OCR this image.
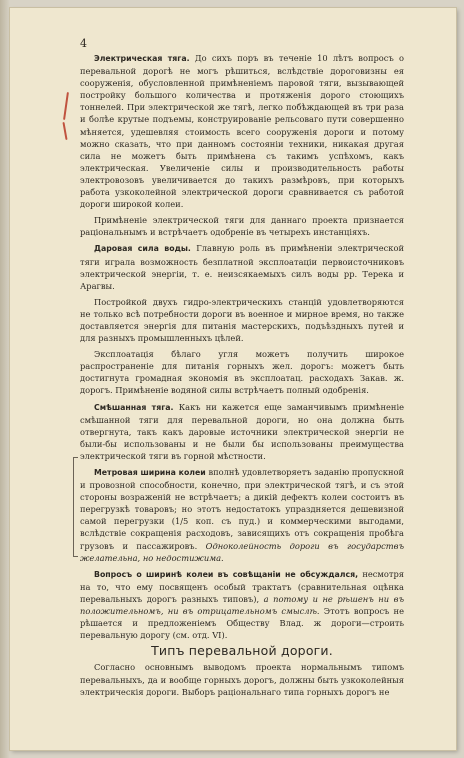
4

Электрическая тяга. До сихъ поръ въ теченіе 10 лѣтъ вопросъ о перевальной дорогѣ не могъ рѣшиться, вслѣдствіе дороговизны ея сооруженія, обусловленной примѣненіемъ паровой тяги, вызывающей постройку большого количества и протяженія дорого стоющихъ тоннелей. При электрической же тягѣ, легко побѣждающей въ три раза и болѣе крутые подъемы, конструированіе рельсоваго пути совершенно мѣняется, удешевляя стоимость всего сооруженія дороги и потому можно сказать, что при данномъ состояніи техники, никакая другая сила не можетъ быть примѣнена съ такимъ успѣхомъ, какъ электрическая. Увеличеніе силы и производительность работы электровозовъ увеличивается до такихъ размѣровъ, при которыхъ работа узкоколейной электрической дороги сравнивается съ работой дороги широкой колеи.

Примѣненіе электрической тяги для даннаго проекта признается раціональнымъ и встрѣчаетъ одобреніе въ четырехъ инстанціяхъ.

Даровая сила воды. Главную роль въ примѣненіи электрической тяги играла возможность безплатной эксплоатаціи первоисточниковъ электрической энергіи, т. е. неизсякаемыхъ силъ воды рр. Терека и Арагвы.

Постройкой двухъ гидро-электрическихъ станцій удовлетворяются не только всѣ потребности дороги въ военное и мирное время, но также доставляется энергія для питанія мастерскихъ, подъѣздныхъ путей и для разныхъ промышленныхъ цѣлей.

Эксплоатація бѣлаго угля можетъ получить широкое распространеніе для питанія горныхъ жел. дорогъ: можетъ быть достигнута громадная экономія въ эксплоатац. расходахъ Закав. ж. дорогъ. Примѣненіе водяной силы встрѣчаетъ полный одобренія.

Смѣшанная тяга. Какъ ни кажется еще заманчивымъ примѣненіе смѣшанной тяги для перевальной дороги, но она должна быть отвергнута, такъ какъ даровые источники электрической энергіи не были-бы использованы и не были бы использованы преимущества электрической тяги въ горной мѣстности.

Метровая ширина колеи вполнѣ удовлетворяетъ заданію пропускной и провозной способности, конечно, при электрической тягѣ, и съ этой стороны возраженій не встрѣчаетъ; а дикій дефектъ колеи состоитъ въ перегрузкѣ товаровъ; но этотъ недостатокъ упраздняется дешевизной самой перегрузки (1/5 коп. съ пуд.) и коммерческими выгодами, вслѣдствіе сокращенія расходовъ, зависящихъ отъ сокращенія пробѣга грузовъ и пассажировъ. Одноколейность дороги въ государствъ желательна, но недостижима.

Вопросъ о ширинѣ колеи въ совѣщаніи не обсуждался, несмотря на то, что ему посвященъ особый трактатъ (сравнительная оцѣнка перевальныхъ дорогъ разныхъ типовъ), а потому и не рѣшенъ ни въ положительномъ, ни въ отрицательномъ смыслѣ. Этотъ вопросъ не рѣшается и предложеніемъ Обществу Влад. ж дороги—строить перевальную дорогу (см. отд. VI).

Типъ перевальной дороги.

Согласно основнымъ выводомъ проекта нормальнымъ типомъ перевальныхъ, да и вообще горныхъ дорогъ, должны быть узкоколейныя электрическія дороги. Выборъ раціональнаго типа горныхъ дорогъ не
